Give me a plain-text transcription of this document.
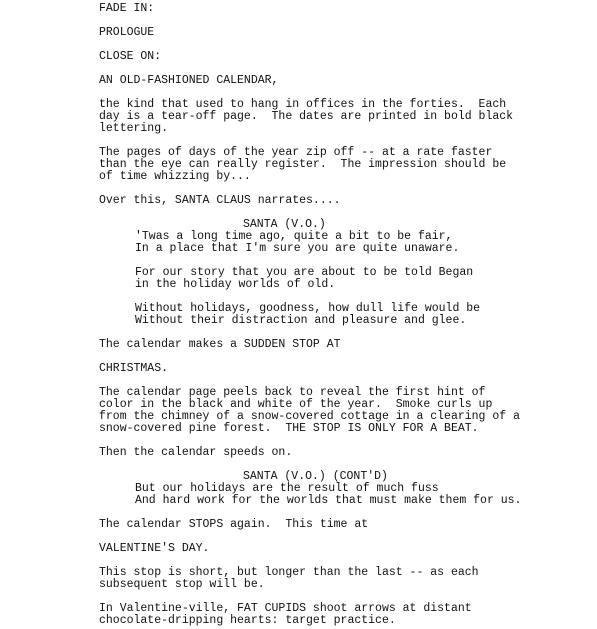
FADE IN:

PROLOGUE

CLOSE ON:

AN OLD-FASHIONED CALENDAR,

the kind that used to hang in offices in the forties.  Each

day is a tear-off page.  The dates are printed in bold black

lettering.

The pages of days of the year zip off -- at a rate faster

than the eye can really register.  The impression should be

of time whizzing by...

Over this, SANTA CLAUS narrates....

SANTA (V.O.)

'Twas a long time ago, quite a bit to be fair,

In a place that I'm sure you are quite unaware.

For our story that you are about to be told Began

in the holiday worlds of old.

Without holidays, goodness, how dull life would be

Without their distraction and pleasure and glee.

The calendar makes a SUDDEN STOP AT

CHRISTMAS.

The calendar page peels back to reveal the first hint of

color in the black and white of the year.  Smoke curls up

from the chimney of a snow-covered cottage in a clearing of a

snow-covered pine forest.  THE STOP IS ONLY FOR A BEAT.

Then the calendar speeds on.

SANTA (V.O.) (CONT'D)

But our holidays are the result of much fuss

And hard work for the worlds that must make them for us.

The calendar STOPS again.  This time at

VALENTINE'S DAY.

This stop is short, but longer than the last -- as each

subsequent stop will be.

In Valentine-ville, FAT CUPIDS shoot arrows at distant

chocolate-dripping hearts: target practice.
